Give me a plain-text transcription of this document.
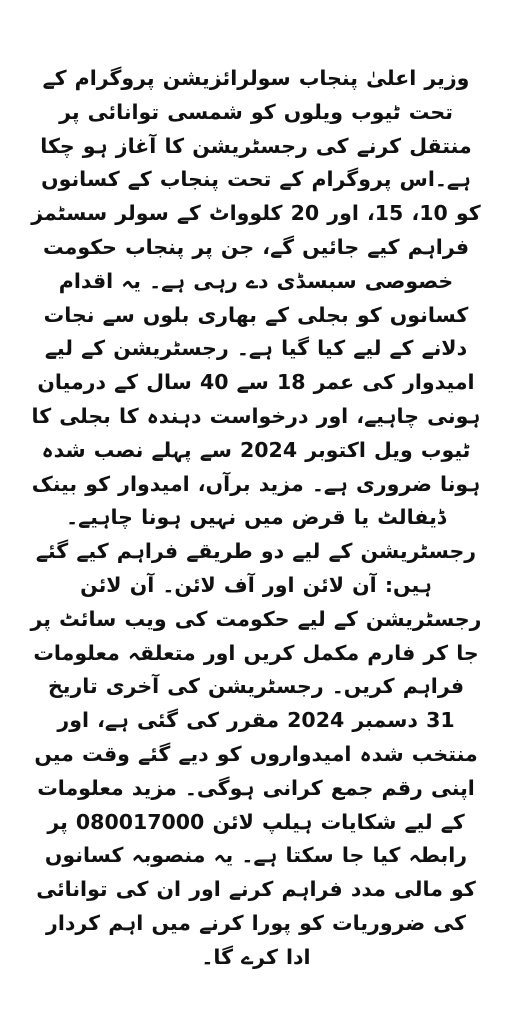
وزیر اعلیٰ پنجاب سولرائزیشن پروگرام کے تحت ٹیوب ویلوں کو شمسی توانائی پر منتقل کرنے کی رجسٹریشن کا آغاز ہو چکا ہے۔اس پروگرام کے تحت پنجاب کے کسانوں کو 10، 15، اور 20 کلوواٹ کے سولر سسٹمز فراہم کیے جائیں گے، جن پر پنجاب حکومت خصوصی سبسڈی دے رہی ہے۔ یہ اقدام کسانوں کو بجلی کے بھاری بلوں سے نجات دلانے کے لیے کیا گیا ہے۔ رجسٹریشن کے لیے امیدوار کی عمر 18 سے 40 سال کے درمیان ہونی چاہیے، اور درخواست دہندہ کا بجلی کا ٹیوب ویل اکتوبر 2024 سے پہلے نصب شدہ ہونا ضروری ہے۔ مزید برآں، امیدوار کو بینک ڈیفالٹ یا قرض میں نہیں ہونا چاہیے۔

رجسٹریشن کے لیے دو طریقے فراہم کیے گئے ہیں: آن لائن اور آف لائن۔ آن لائن رجسٹریشن کے لیے حکومت کی ویب سائٹ پر جا کر فارم مکمل کریں اور متعلقہ معلومات فراہم کریں۔ رجسٹریشن کی آخری تاریخ 31 دسمبر 2024 مقرر کی گئی ہے، اور منتخب شدہ امیدواروں کو دیے گئے وقت میں اپنی رقم جمع کرانی ہوگی۔ مزید معلومات کے لیے شکایات ہیلپ لائن 080017000 پر رابطہ کیا جا سکتا ہے۔ یہ منصوبہ کسانوں کو مالی مدد فراہم کرنے اور ان کی توانائی کی ضروریات کو پورا کرنے میں اہم کردار ادا کرے گا۔
